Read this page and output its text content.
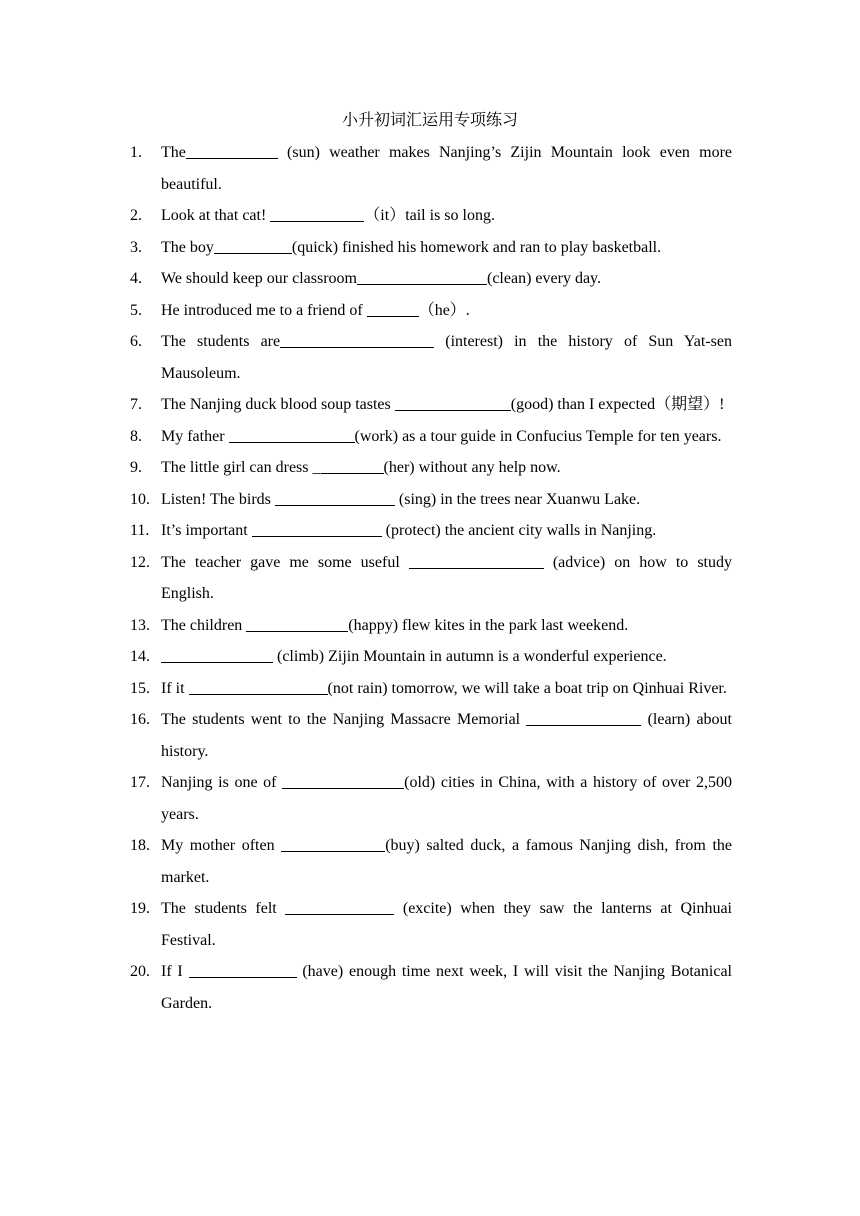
小升初词汇运用专项练习
1. The	(sun) weather makes Nanjing’s Zijin Mountain look even more beautiful.
2. Look at that cat!	（it）tail is so long.
3. The boy	(quick) finished his homework and ran to play basketball.
4. We should keep our classroom	(clean) every day.
5. He introduced me to a friend of	（he）.
6. The students are	(interest) in the history of Sun Yat-sen Mausoleum.
7. The Nanjing duck blood soup tastes	(good) than I expected（期望）!
8. My father	(work) as a tour guide in Confucius Temple for ten years.
9. The little girl can dress _	(her) without any help now.
10. Listen! The birds	(sing) in the trees near Xuanwu Lake.
11. It’s important	(protect) the ancient city walls in Nanjing.
12. The teacher gave me some useful	(advice) on how to study English.
13. The children	(happy) flew kites in the park last weekend.
14.	(climb) Zijin Mountain in autumn is a wonderful experience.
15. If it	(not rain) tomorrow, we will take a boat trip on Qinhuai River.
16. The students went to the Nanjing Massacre Memorial	(learn) about history.
17. Nanjing is one of	(old) cities in China, with a history of over 2,500 years.
18. My mother often	(buy) salted duck, a famous Nanjing dish, from the market.
19. The students felt	(excite) when they saw the lanterns at Qinhuai Festival.
20. If I	(have) enough time next week, I will visit the Nanjing Botanical Garden.
